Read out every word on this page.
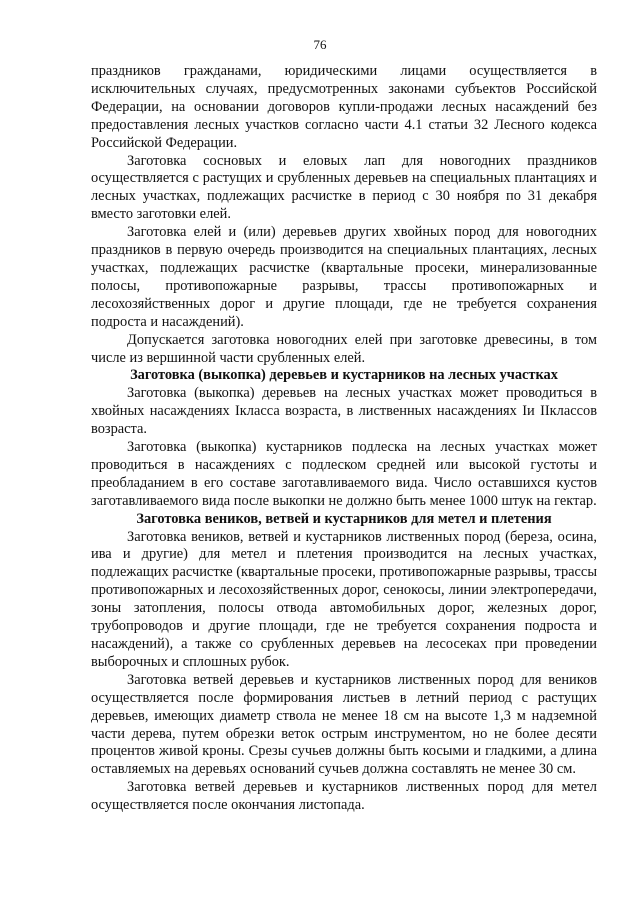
76

праздников гражданами, юридическими лицами осуществляется в исключительных случаях, предусмотренных законами субъектов Российской Федерации, на основании договоров купли-продажи лесных насаждений без предоставления лесных участков согласно части 4.1 статьи 32 Лесного кодекса Российской Федерации.

Заготовка сосновых и еловых лап для новогодних праздников осуществляется с растущих и срубленных деревьев на специальных плантациях и лесных участках, подлежащих расчистке в период с 30 ноября по 31 декабря вместо заготовки елей.

Заготовка елей и (или) деревьев других хвойных пород для новогодних праздников в первую очередь производится на специальных плантациях, лесных участках, подлежащих расчистке (квартальные просеки, минерализованные полосы, противопожарные разрывы, трассы противопожарных и лесохозяйственных дорог и другие площади, где не требуется сохранения подроста и насаждений).

Допускается заготовка новогодних елей при заготовке древесины, в том числе из вершинной части срубленных елей.

Заготовка (выкопка) деревьев и кустарников на лесных участках

Заготовка (выкопка) деревьев на лесных участках может проводиться в хвойных насаждениях Iкласса возраста, в лиственных насаждениях Iи IIклассов возраста.

Заготовка (выкопка) кустарников подлеска на лесных участках может проводиться в насаждениях с подлеском средней или высокой густоты и преобладанием в его составе заготавливаемого вида. Число оставшихся кустов заготавливаемого вида после выкопки не должно быть менее 1000 штук на гектар.

Заготовка веников, ветвей и кустарников для метел и плетения

Заготовка веников, ветвей и кустарников лиственных пород (береза, осина, ива и другие) для метел и плетения производится на лесных участках, подлежащих расчистке (квартальные просеки, противопожарные разрывы, трассы противопожарных и лесохозяйственных дорог, сенокосы, линии электропередачи, зоны затопления, полосы отвода автомобильных дорог, железных дорог, трубопроводов и другие площади, где не требуется сохранения подроста и насаждений), а также со срубленных деревьев на лесосеках при проведении выборочных и сплошных рубок.

Заготовка ветвей деревьев и кустарников лиственных пород для веников осуществляется после формирования листьев в летний период с растущих деревьев, имеющих диаметр ствола не менее 18 см на высоте 1,3 м надземной части дерева, путем обрезки веток острым инструментом, но не более десяти процентов живой кроны. Срезы сучьев должны быть косыми и гладкими, а длина оставляемых на деревьях оснований сучьев должна составлять не менее 30 см.

Заготовка ветвей деревьев и кустарников лиственных пород для метел осуществляется после окончания листопада.
